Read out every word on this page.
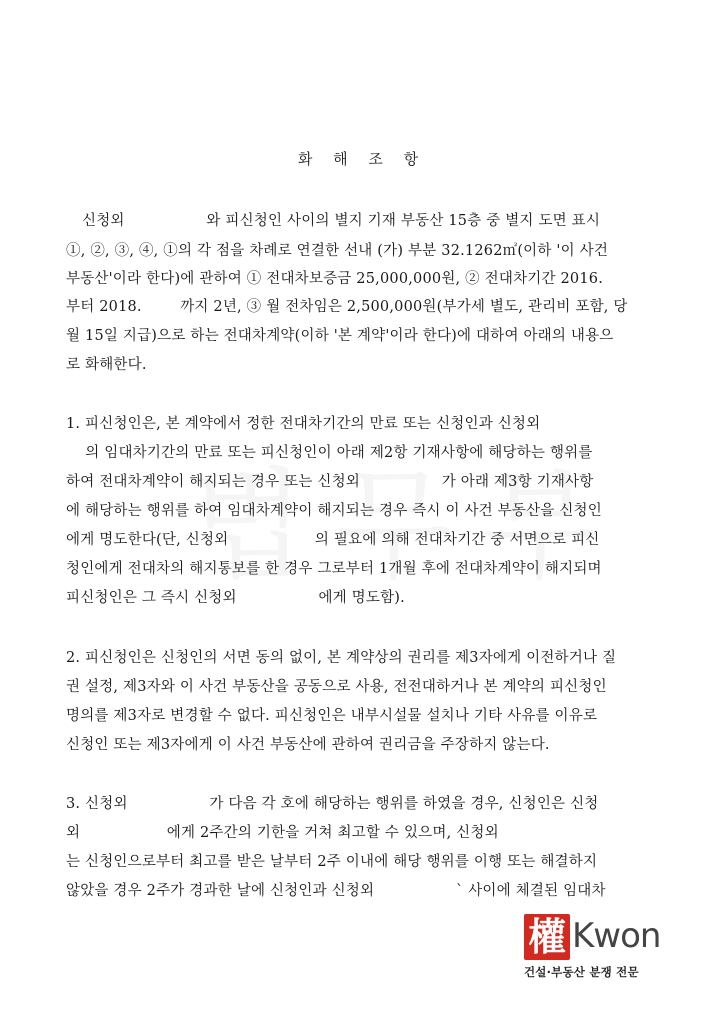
화 해 조 항
신청외                 와 피신청인 사이의 별지 기재 부동산 15층 중 별지 도면 표시
①, ②, ③, ④, ①의 각 점을 차례로 연결한 선내 (가) 부분 32.1262㎡(이하 '이 사건
부동산'이라 한다)에 관하여 ① 전대차보증금 25,000,000원, ② 전대차기간 2016.
부터 2018.        까지 2년, ③ 월 전차임은 2,500,000원(부가세 별도, 관리비 포함, 당
월 15일 지급)으로 하는 전대차계약(이하 '본 계약'이라 한다)에 대하여 아래의 내용으
로 화해한다.
1. 피신청인은, 본 계약에서 정한 전대차기간의 만료 또는 신청인과 신청외
의 임대차기간의 만료 또는 피신청인이 아래 제2항 기재사항에 해당하는 행위를
하여 전대차계약이 해지되는 경우 또는 신청외                 가 아래 제3항 기재사항
에 해당하는 행위를 하여 임대차계약이 해지되는 경우 즉시 이 사건 부동산을 신청인
에게 명도한다(단, 신청외                  의 필요에 의해 전대차기간 중 서면으로 피신
청인에게 전대차의 해지통보를 한 경우 그로부터 1개월 후에 전대차계약이 해지되며
피신청인은 그 즉시 신청외                 에게 명도함).
2. 피신청인은 신청인의 서면 동의 없이, 본 계약상의 권리를 제3자에게 이전하거나 질
권 설정, 제3자와 이 사건 부동산을 공동으로 사용, 전전대하거나 본 계약의 피신청인
명의를 제3자로 변경할 수 없다. 피신청인은 내부시설물 설치나 기타 사유를 이유로
신청인 또는 제3자에게 이 사건 부동산에 관하여 권리금을 주장하지 않는다.
3. 신청외                 가 다음 각 호에 해당하는 행위를 하였을 경우, 신청인은 신청
외                  에게 2주간의 기한을 거쳐 최고할 수 있으며, 신청외
는 신청인으로부터 최고를 받은 날부터 2주 이내에 해당 행위를 이행 또는 해결하지
않았을 경우 2주가 경과한 날에 신청인과 신청외                 ` 사이에 체결된 임대차
權 Kwon
건설·부동산 분쟁 전문
